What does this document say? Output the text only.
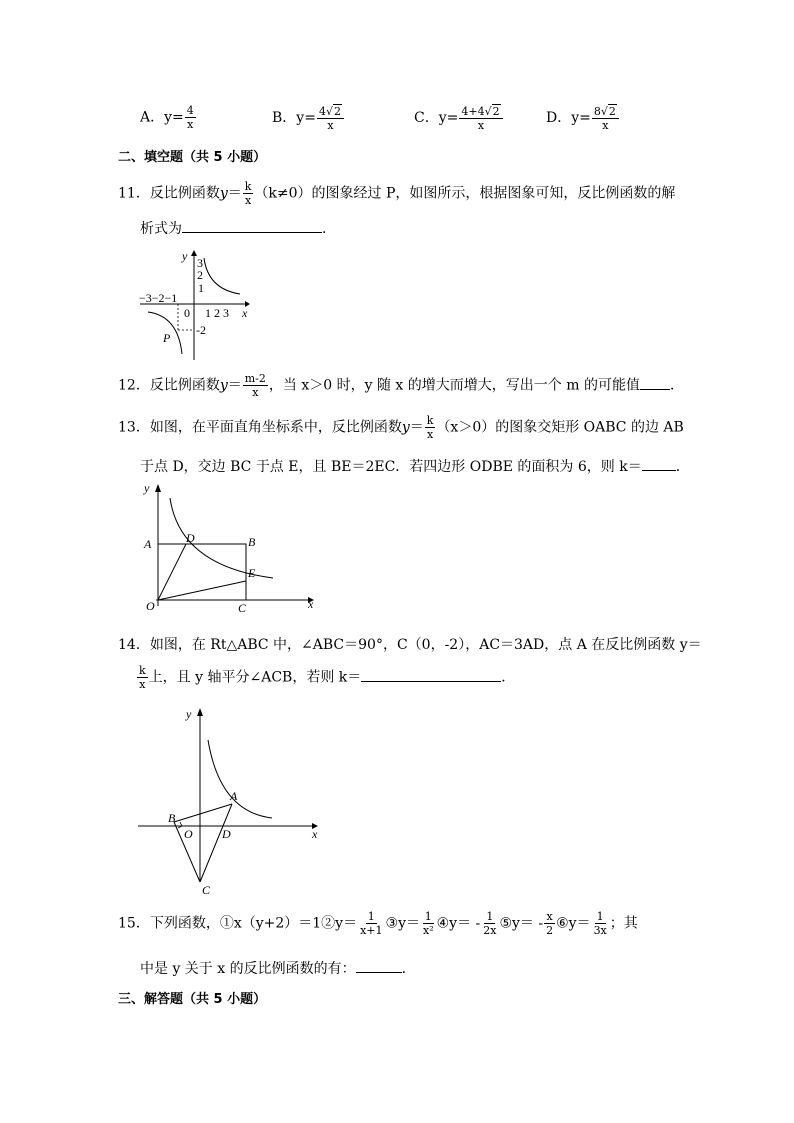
A．$y= \frac{4}{x}$	B．$y= \frac{4√2}{x}$	C．$y= \frac{4+4√2}{x}$	D．$y= \frac{8√2}{x}$
二、填空题（共 5 小题）
11．反比例函数$y= \frac{k}{x} (k\ne 0)$的图象经过 P，如图所示，根据图象可知，反比例函数的解
析式为	．
y
x
3
2
1
−3−2−1
0 1 2 3
-2
P
12．反比例函数$y= \frac{m-2}{x}$ ，当 x＞0 时，y 随 x 的增大而增大，写出一个 m 的可能值 ．
13．如图，在平面直角坐标系中，反比例函数$y= \frac{k}{x} (x>0)$的图象交矩形 OABC 的边 AB
于点 D，交边 BC 于点 E，且 BE＝2EC．若四边形 ODBE 的面积为 6，则 k＝ ．
y
x
A	B
D
E
O	C
14．如图，在 Rt△ABC 中，∠ABC＝90°，C（0，-2），AC＝3AD，点 A 在反比例函数 y＝
$\frac{k}{x}$ 上，且 y 轴平分∠ACB，若则 k＝	．
y
x
A
B
O D
C
15．下列函数，①x（y+2）＝1②y＝ $\frac{1}{x+1}$ ③y＝ $\frac{1}{\text{x²}}$ ④y＝ - $\frac{1}{2x}$ ⑤y＝ - $\frac{x}{2}$ ⑥y＝ $\frac{1}{3x}$ ；其
中是 y 关于 x 的反比例函数的有：	．
三、解答题（共 5 小题）
